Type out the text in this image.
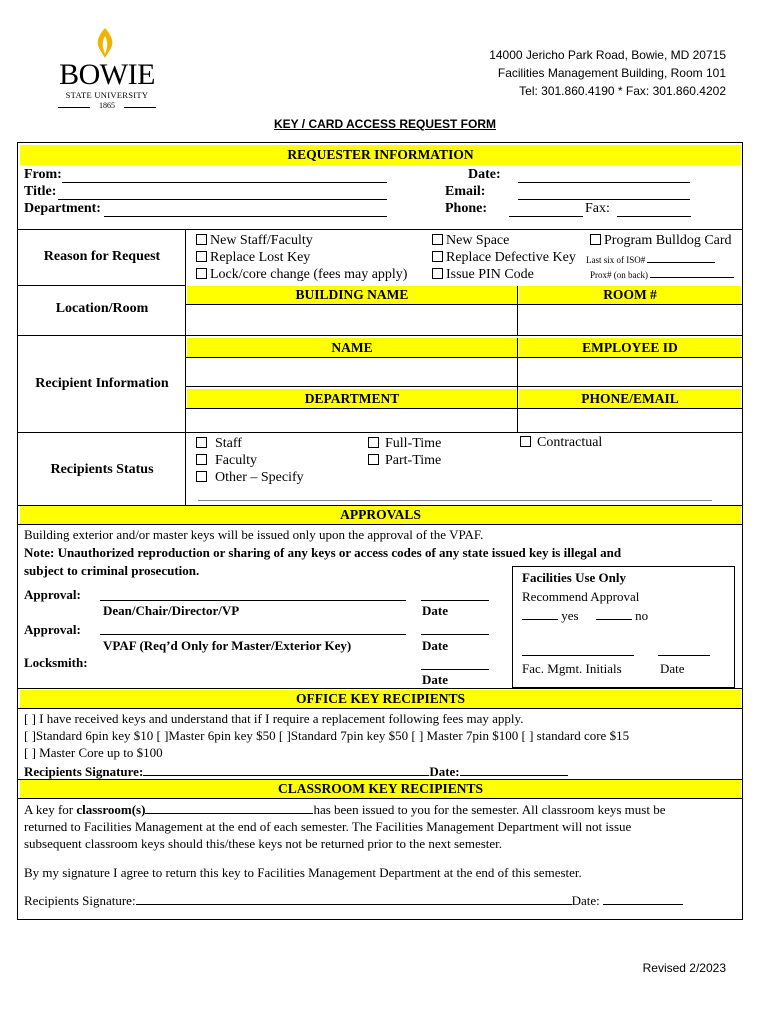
BOWIE
STATE UNIVERSITY
1865
14000 Jericho Park Road, Bowie, MD 20715
Facilities Management Building, Room 101
Tel: 301.860.4190 * Fax: 301.860.4202
KEY / CARD ACCESS REQUEST FORM
REQUESTER INFORMATION
From:
Title:
Department:
Date:
Email:
Phone:	Fax:
Reason for Request
New Staff/Faculty
Replace Lost Key
Lock/core change (fees may apply)
New Space
Replace Defective Key
Issue PIN Code
Program Bulldog Card
Last six of ISO#
Prox# (on back)
Location/Room
BUILDING NAME	ROOM #
Recipient Information
NAME	EMPLOYEE ID
DEPARTMENT	PHONE/EMAIL
Recipients Status
Staff
Faculty
Other – Specify
Full-Time
Part-Time
Contractual
APPROVALS
Building exterior and/or master keys will be issued only upon the approval of the VPAF.
Note: Unauthorized reproduction or sharing of any keys or access codes of any state issued key is illegal and
subject to criminal prosecution.
Approval:
Dean/Chair/Director/VP	Date
Approval:
VPAF (Req’d Only for Master/Exterior Key)	Date
Locksmith:
Date
Facilities Use Only
Recommend Approval
yes	no
Fac. Mgmt. Initials	Date
OFFICE KEY RECIPIENTS
[ ] I have received keys and understand that if I require a replacement following fees may apply.
[ ]Standard 6pin key $10 [ ]Master 6pin key $50 [ ]Standard 7pin key $50 [ ] Master 7pin $100 [ ] standard core $15
[ ] Master Core up to $100
Recipients Signature:	Date:
CLASSROOM KEY RECIPIENTS
A key for classroom(s)	has been issued to you for the semester. All classroom keys must be
returned to Facilities Management at the end of each semester. The Facilities Management Department will not issue
subsequent classroom keys should this/these keys not be returned prior to the next semester.
By my signature I agree to return this key to Facilities Management Department at the end of this semester.
Recipients Signature:	Date:
Revised 2/2023
